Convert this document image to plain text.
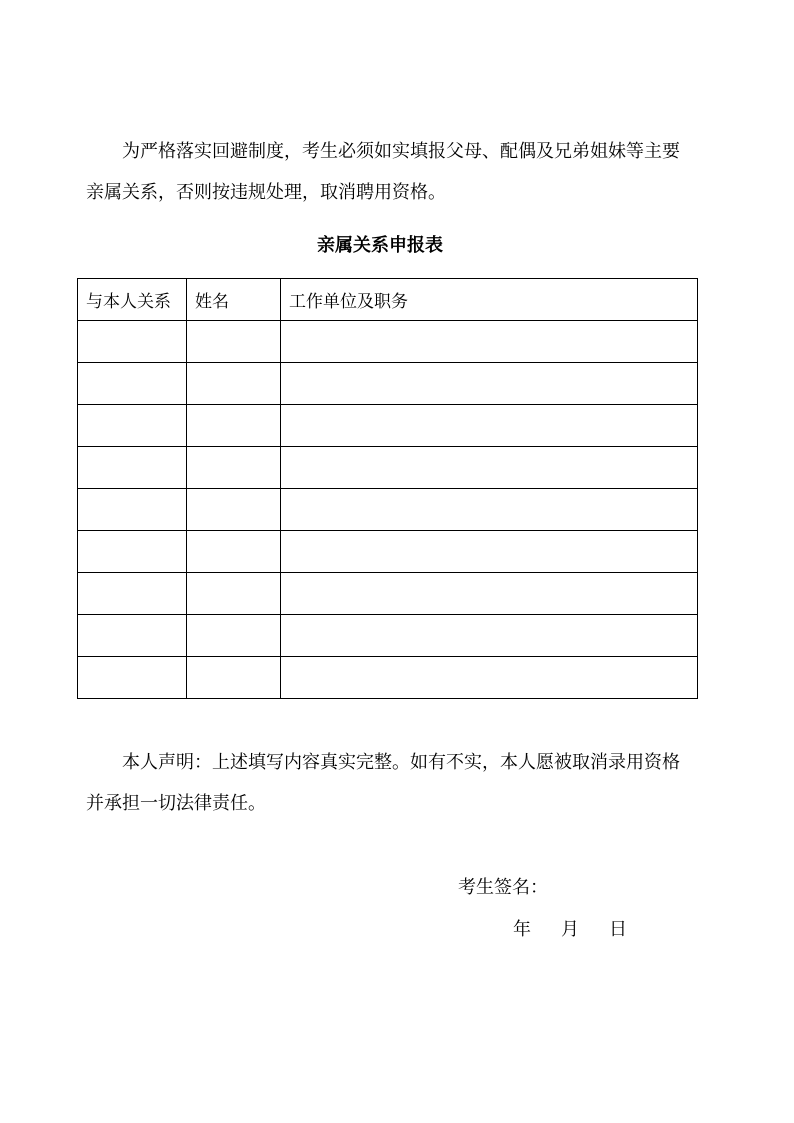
为严格落实回避制度，考生必须如实填报父母、配偶及兄弟姐妹等主要亲属关系，否则按违规处理，取消聘用资格。

亲属关系申报表
与本人关系	姓名	工作单位及职务

本人声明：上述填写内容真实完整。如有不实，本人愿被取消录用资格并承担一切法律责任。

考生签名：
年 月 日
